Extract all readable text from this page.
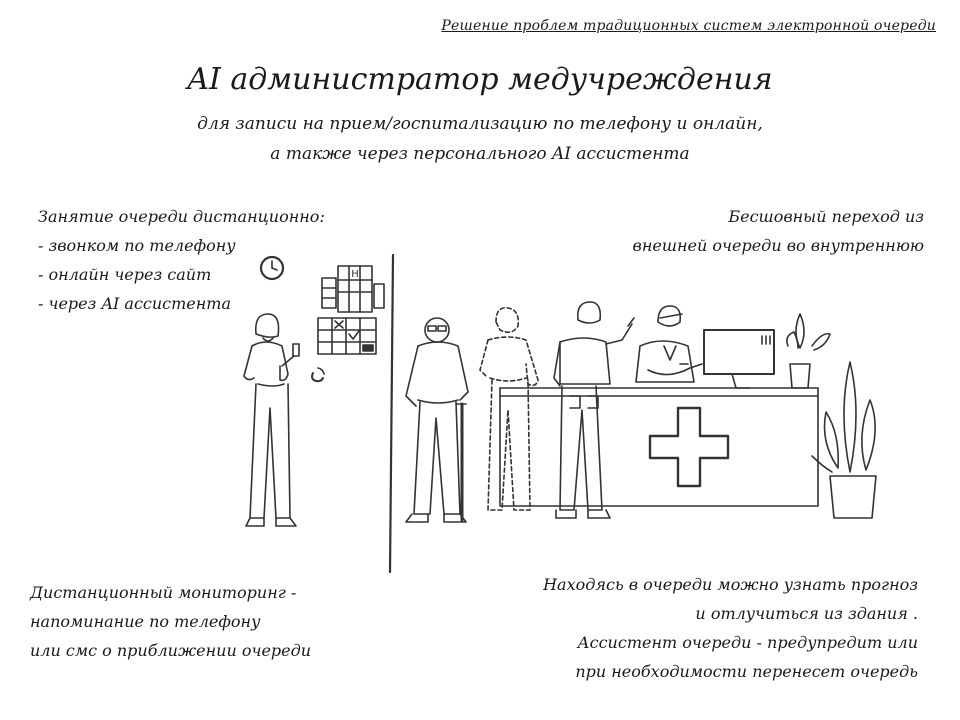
Решение проблем традиционных систем электронной очереди
AI администратор медучреждения
для записи на прием/госпитализацию по телефону и онлайн,
а также через персонального AI ассистента
Занятие очереди дистанционно:
- звонком по телефону
- онлайн через сайт
- через AI ассистента
Бесшовный переход из
внешней очереди во внутреннюю
Дистанционный мониторинг -
напоминание по телефону
или смс о приближении очереди
Находясь в очереди можно узнать прогноз
и отлучиться из здания .
Ассистент очереди - предупредит или
при необходимости перенесет очередь
Н
